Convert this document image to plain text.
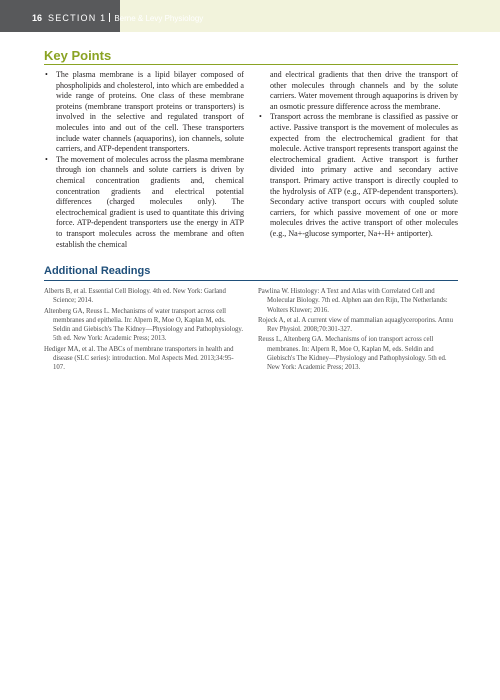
16 SECTION 1 Berne & Levy Physiology
Key Points
• The plasma membrane is a lipid bilayer composed of phospholipids and cholesterol, into which are embedded a wide range of proteins. One class of these membrane proteins (membrane transport proteins or transporters) is involved in the selective and regulated transport of molecules into and out of the cell. These transporters include water channels (aquaporins), ion channels, solute carriers, and ATP-dependent transporters.
• The movement of molecules across the plasma membrane through ion channels and solute carriers is driven by chemical concentration gradients and, chemical concentration gradients and electrical potential differences (charged molecules only). The electrochemical gradient is used to quantitate this driving force. ATP-dependent transporters use the energy in ATP to transport molecules across the membrane and often establish the chemical

and electrical gradients that then drive the transport of other molecules through channels and by the solute carriers. Water movement through aquaporins is driven by an osmotic pressure difference across the membrane.

• Transport across the membrane is classified as passive or active. Passive transport is the movement of molecules as expected from the electrochemical gradient for that molecule. Active transport represents transport against the electrochemical gradient. Active transport is further divided into primary active and secondary active transport. Primary active transport is directly coupled to the hydrolysis of ATP (e.g., ATP-dependent transporters). Secondary active transport occurs with coupled solute carriers, for which passive movement of one or more molecules drives the active transport of other molecules (e.g., Na+-glucose symporter, Na+-H+ antiporter).
Additional Readings
Alberts B, et al. Essential Cell Biology. 4th ed. New York: Garland Science; 2014.
Altenberg GA, Reuss L. Mechanisms of water transport across cell membranes and epithelia. In: Alpern R, Moe O, Kaplan M, eds. Seldin and Giebisch's The Kidney—Physiology and Pathophysiology. 5th ed. New York: Academic Press; 2013.
Hediger MA, et al. The ABCs of membrane transporters in health and disease (SLC series): introduction. Mol Aspects Med. 2013;34:95-107.
Pawlina W. Histology: A Text and Atlas with Correlated Cell and Molecular Biology. 7th ed. Alphen aan den Rijn, The Netherlands: Wolters Kluwer; 2016.
Rojeck A, et al. A current view of mammalian aquaglyceroporins. Annu Rev Physiol. 2008;70:301-327.
Reuss L, Altenberg GA. Mechanisms of ion transport across cell membranes. In: Alpern R, Moe O, Kaplan M, eds. Seldin and Giebisch's The Kidney—Physiology and Pathophysiology. 5th ed. New York: Academic Press; 2013.
